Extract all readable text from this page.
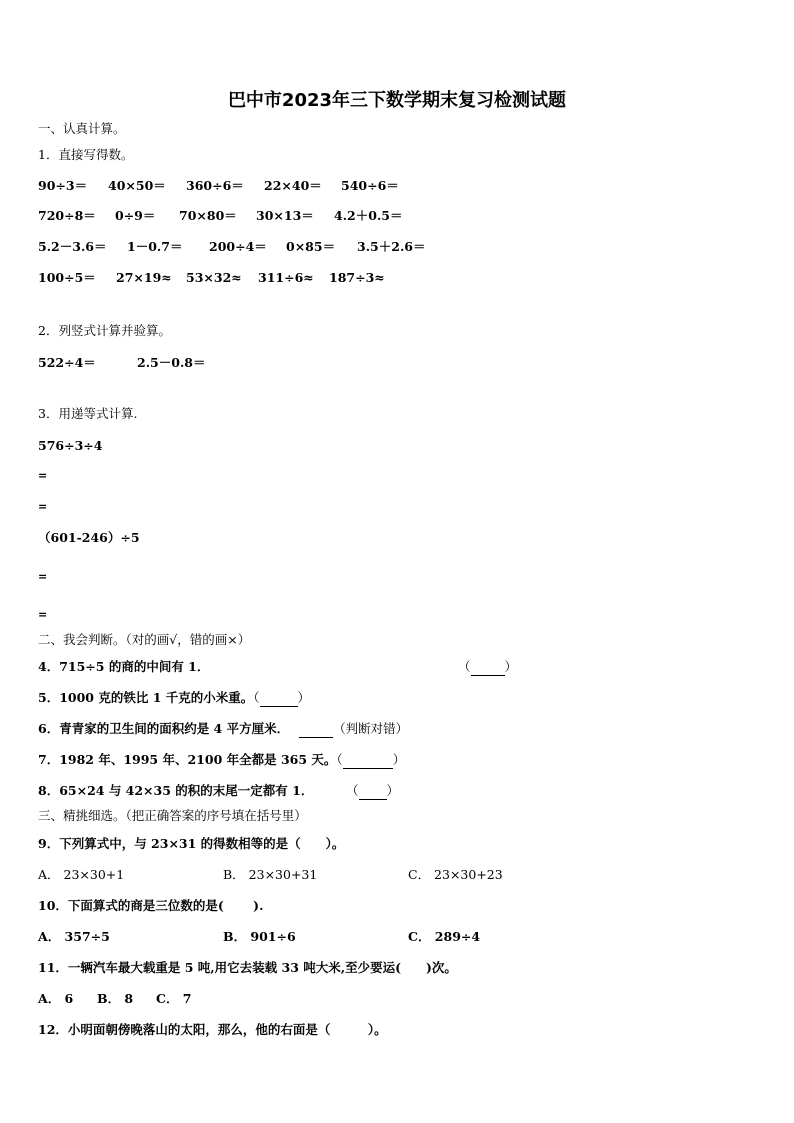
巴中市2023年三下数学期末复习检测试题
一、认真计算。
1．直接写得数。
90÷3＝ 40×50＝ 360÷6＝ 22×40＝ 540÷6＝
720÷8＝ 0÷9＝ 70×80＝ 30×13＝ 4.2＋0.5＝
5.2－3.6＝ 1－0.7＝ 200÷4＝ 0×85＝ 3.5＋2.6＝
100÷5＝ 27×19≈ 53×32≈ 311÷6≈ 187÷3≈
2．列竖式计算并验算。
522÷4＝	2.5－0.8＝
3．用递等式计算.
576÷3÷4
=
=
（601-246）÷5
=
=
二、我会判断。（对的画√，错的画×）
4．715÷5 的商的中间有 1．	（	）
5．1000 克的铁比 1 千克的小米重。（	）
6．青青家的卫生间的面积约是 4 平方厘米．	（判断对错）
7．1982 年、1995 年、2100 年全都是 365 天。（	）
8．65×24 与 42×35 的积的末尾一定都有 1．	（ ）
三、精挑细选。（把正确答案的序号填在括号里）
9．下列算式中，与 23×31 的得数相等的是（　　）。
A． 23×30+1	B． 23×30+31	C． 23×30+23
10．下面算式的商是三位数的是(　　 ).
A． 357÷5	B． 901÷6	C． 289÷4
11．一辆汽车最大载重是 5 吨,用它去装载 33 吨大米,至少要运(　　)次。
A． 6 B． 8 C． 7
12．小明面朝傍晚落山的太阳，那么，他的右面是（　　　）。
